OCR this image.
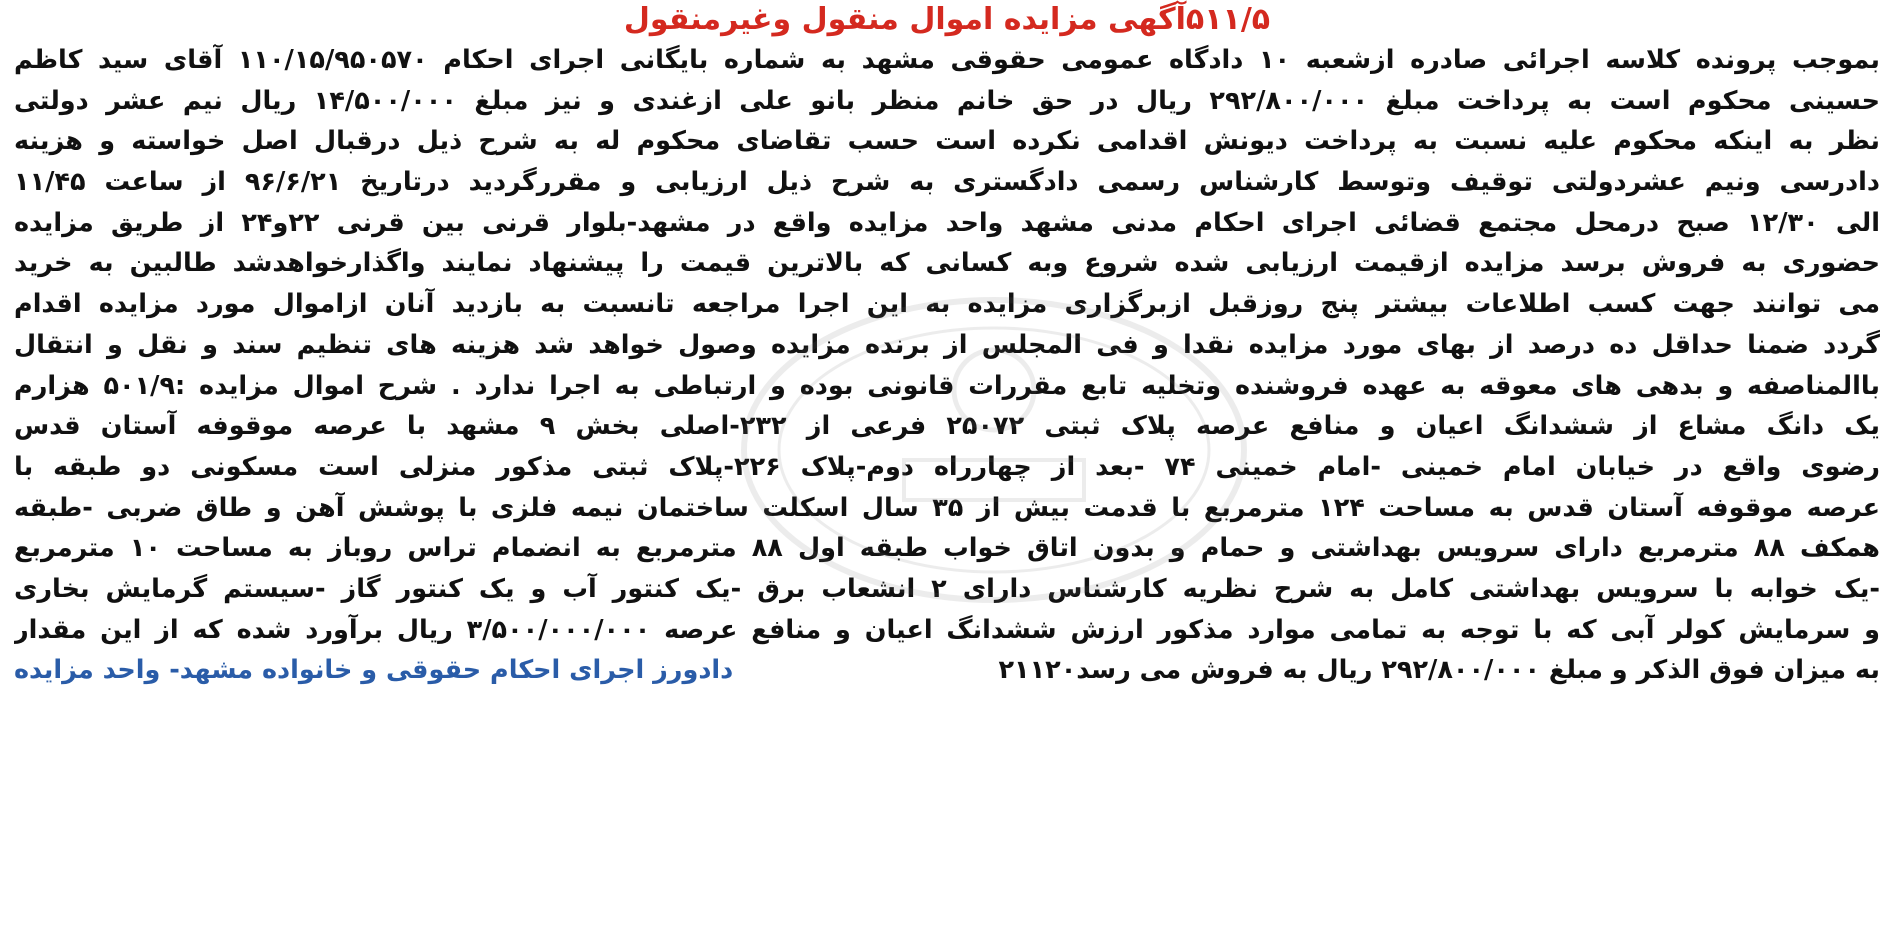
۵۱۱/۵آگهی مزایده اموال منقول وغیرمنقول
بموجب پرونده کلاسه اجرائی صادره ازشعبه ۱۰ دادگاه عمومی حقوقی مشهد به شماره بایگانی اجرای احکام ۱۱۰/۱۵/۹۵۰۵۷۰ آقای سید کاظم
حسینی محکوم است به پرداخت مبلغ ۲۹۲/۸۰۰/۰۰۰ ریال در حق خانم منظر بانو علی ازغندی و نیز مبلغ ۱۴/۵۰۰/۰۰۰ ریال نیم عشر دولتی
نظر به اینکه محکوم علیه نسبت به پرداخت دیونش اقدامی نکرده است حسب تقاضای محکوم له به شرح ذیل درقبال اصل خواسته و هزینه
دادرسی ونیم عشردولتی توقیف وتوسط کارشناس رسمی دادگستری به شرح ذیل ارزیابی و مقررگردید درتاریخ ۹۶/۶/۲۱ از ساعت ۱۱/۴۵
الی ۱۲/۳۰ صبح درمحل مجتمع قضائی اجرای احکام مدنی مشهد واحد مزایده واقع در مشهد-بلوار قرنی بین قرنی ۲۲و۲۴ از طریق مزایده
حضوری به فروش برسد مزایده ازقیمت ارزیابی شده شروع وبه کسانی که بالاترین قیمت را پیشنهاد نمایند واگذارخواهدشد طالبین به خرید
می توانند جهت کسب اطلاعات بیشتر پنج روزقبل ازبرگزاری مزایده به این اجرا مراجعه تانسبت به بازدید آنان ازاموال مورد مزایده اقدام
گردد ضمنا حداقل ده درصد از بهای مورد مزایده نقدا و فی المجلس از برنده مزایده وصول خواهد شد هزینه های تنظیم سند و نقل و انتقال
باالمناصفه و بدهی های معوقه به عهده فروشنده وتخلیه تابع مقررات قانونی بوده و ارتباطی به اجرا ندارد . شرح اموال مزایده :۵۰۱/۹ هزارم
یک دانگ مشاع از ششدانگ اعیان و منافع عرصه پلاک ثبتی ۲۵۰۷۲ فرعی از ۲۳۲-اصلی بخش ۹ مشهد با عرصه موقوفه آستان قدس
رضوی واقع در خیابان امام خمینی -امام خمینی ۷۴ -بعد از چهارراه دوم-پلاک ۲۲۶-پلاک ثبتی مذکور منزلی است مسکونی دو طبقه با
عرصه موقوفه آستان قدس به مساحت ۱۲۴ مترمربع با قدمت بیش از ۳۵ سال اسکلت ساختمان نیمه فلزی با پوشش آهن و طاق ضربی -طبقه
همکف ۸۸ مترمربع دارای سرویس بهداشتی و حمام و بدون اتاق خواب طبقه اول ۸۸ مترمربع به انضمام تراس روباز به مساحت ۱۰ مترمربع
-یک خوابه با سرویس بهداشتی کامل به شرح نظریه کارشناس دارای ۲ انشعاب برق -یک کنتور آب و یک کنتور گاز -سیستم گرمایش بخاری
و سرمایش کولر آبی که با توجه به تمامی موارد مذکور ارزش ششدانگ اعیان و منافع عرصه ۳/۵۰۰/۰۰۰/۰۰۰ ریال برآورد شده که از این مقدار
به میزان فوق الذکر و مبلغ ۲۹۲/۸۰۰/۰۰۰ ریال به فروش می رسد۲۱۱۲۰
دادورز اجرای احکام حقوقی و خانواده مشهد- واحد مزایده
